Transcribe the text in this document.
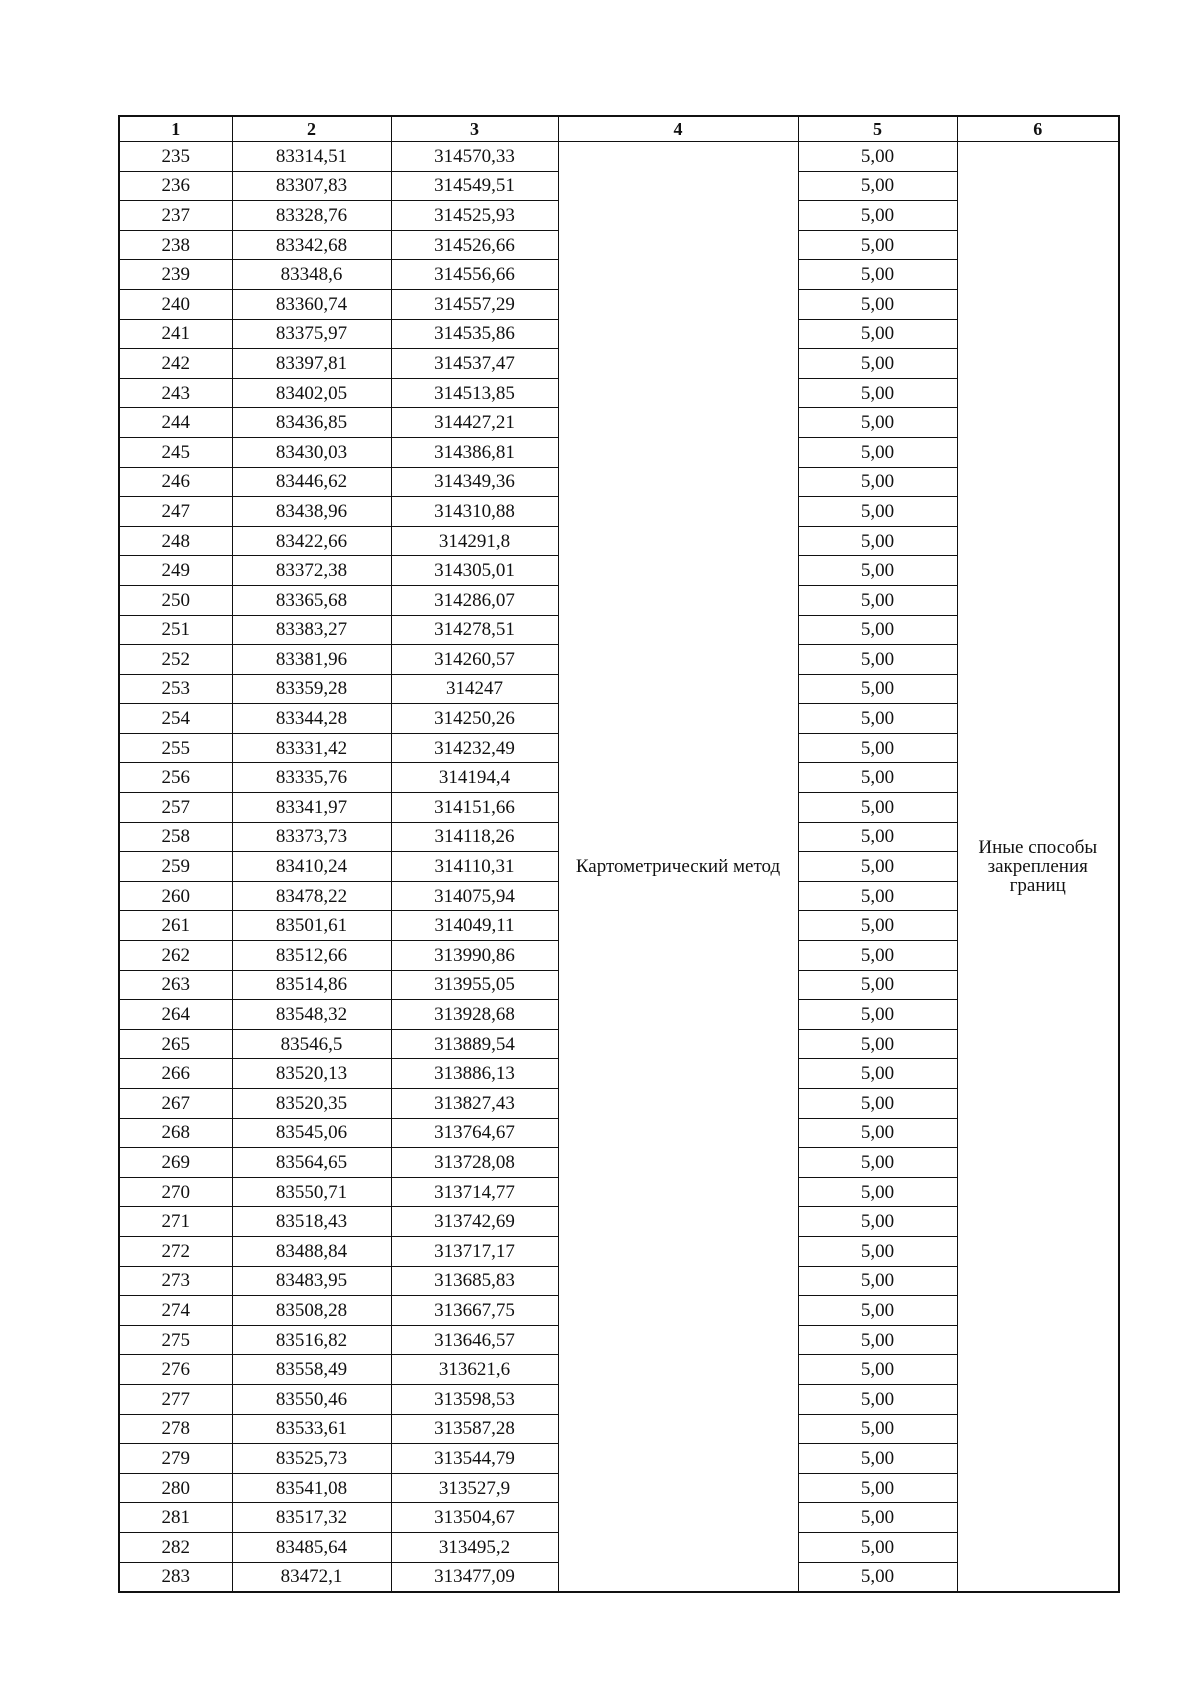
1	2	3	4	5	6
235	83314,51	314570,33	Картометрический метод	5,00	Иные способы закрепления границ
236	83307,83	314549,51		5,00	
237	83328,76	314525,93		5,00	
238	83342,68	314526,66		5,00	
239	83348,6	314556,66		5,00	
240	83360,74	314557,29		5,00	
241	83375,97	314535,86		5,00	
242	83397,81	314537,47		5,00	
243	83402,05	314513,85		5,00	
244	83436,85	314427,21		5,00	
245	83430,03	314386,81		5,00	
246	83446,62	314349,36		5,00	
247	83438,96	314310,88		5,00	
248	83422,66	314291,8		5,00	
249	83372,38	314305,01		5,00	
250	83365,68	314286,07		5,00	
251	83383,27	314278,51		5,00	
252	83381,96	314260,57		5,00	
253	83359,28	314247		5,00	
254	83344,28	314250,26		5,00	
255	83331,42	314232,49		5,00	
256	83335,76	314194,4		5,00	
257	83341,97	314151,66		5,00	
258	83373,73	314118,26		5,00	
259	83410,24	314110,31		5,00	
260	83478,22	314075,94		5,00	
261	83501,61	314049,11		5,00	
262	83512,66	313990,86		5,00	
263	83514,86	313955,05		5,00	
264	83548,32	313928,68		5,00	
265	83546,5	313889,54		5,00	
266	83520,13	313886,13		5,00	
267	83520,35	313827,43		5,00	
268	83545,06	313764,67		5,00	
269	83564,65	313728,08		5,00	
270	83550,71	313714,77		5,00	
271	83518,43	313742,69		5,00	
272	83488,84	313717,17		5,00	
273	83483,95	313685,83		5,00	
274	83508,28	313667,75		5,00	
275	83516,82	313646,57		5,00	
276	83558,49	313621,6		5,00	
277	83550,46	313598,53		5,00	
278	83533,61	313587,28		5,00	
279	83525,73	313544,79		5,00	
280	83541,08	313527,9		5,00	
281	83517,32	313504,67		5,00	
282	83485,64	313495,2		5,00	
283	83472,1	313477,09		5,00	
